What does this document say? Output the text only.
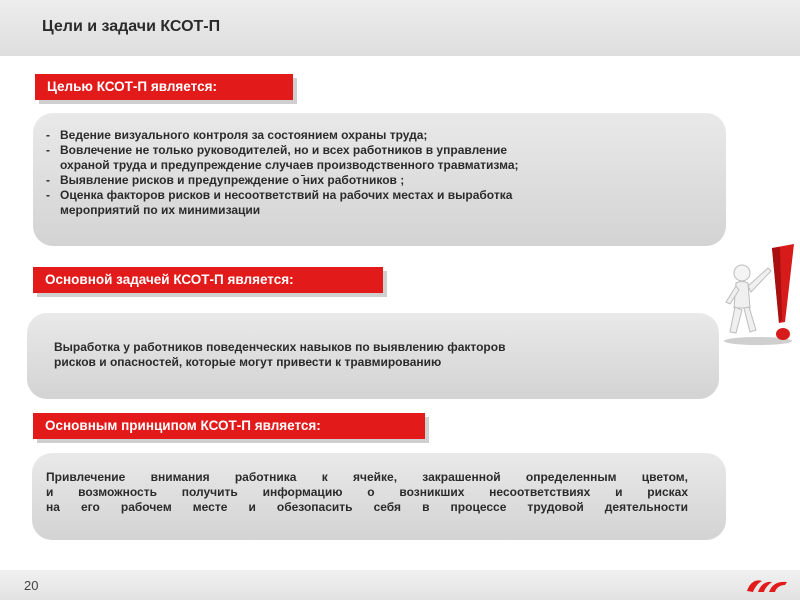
Цели и задачи КСОТ-П
Целью КСОТ-П является:
- Ведение визуального контроля за состоянием охраны труда;
- Вовлечение не только руководителей, но и всех работников в управление
охраной труда и предупреждение случаев производственного травматизма;
- Выявление рисков и предупреждение о ̄них работников ;
- Оценка факторов рисков и несоответствий на рабочих местах и выработка
мероприятий по их минимизации
Основной задачей КСОТ-П является:

Выработка у работников поведенческих навыков по выявлению факторов

рисков и опасностей, которые могут привести к травмированию

Основным принципом КСОТ-П является:

Привлечение внимания работника к ячейке, закрашенной определенным цветом,

и возможность получить информацию о возникших несоответствиях и рисках

на его рабочем месте и обезопасить себя в процессе трудовой деятельности

20
